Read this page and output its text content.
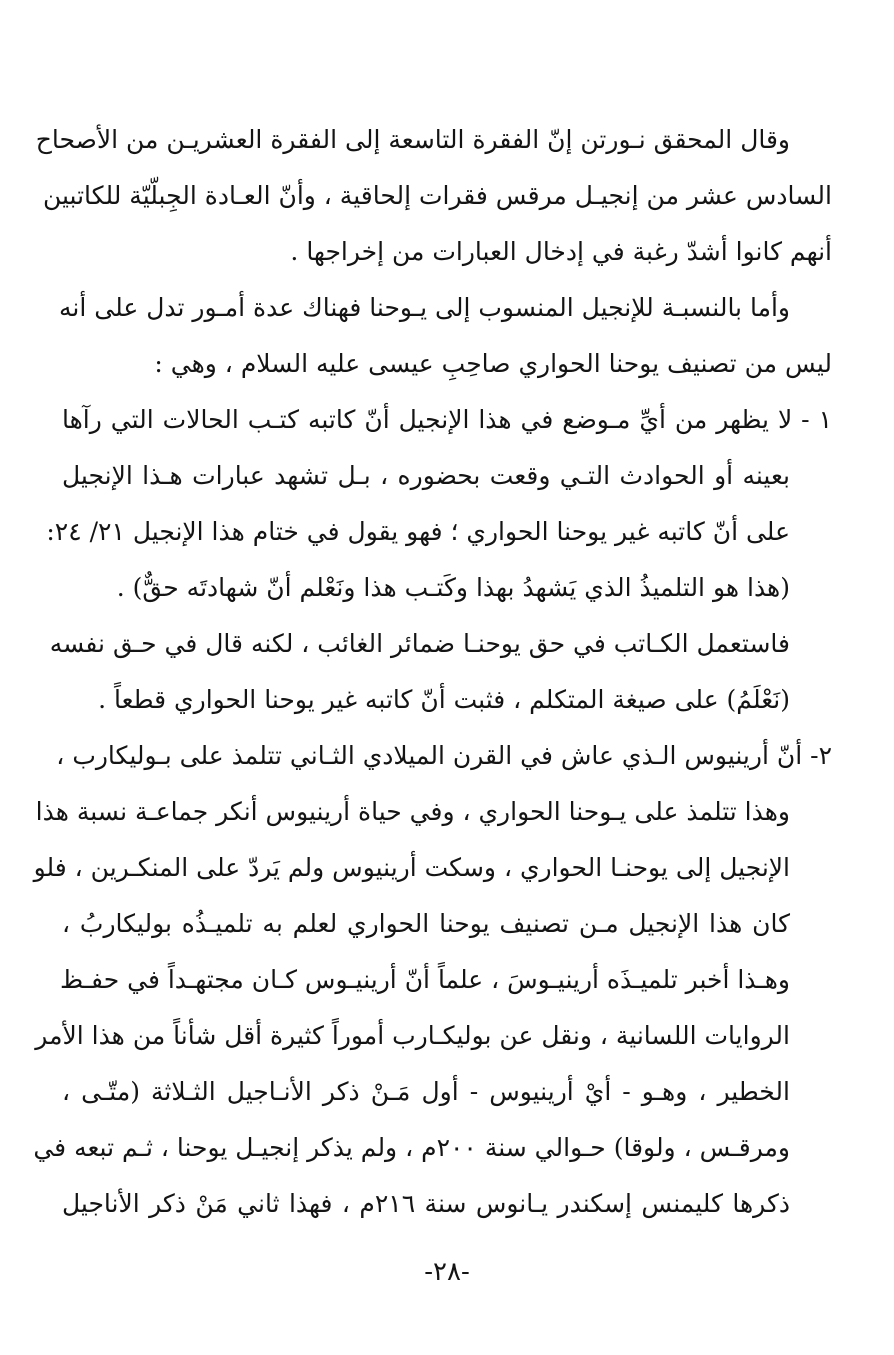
وقال المحقق نـورتن إنّ الفقرة التاسعة إلى الفقرة العشريـن من الأصحاح
السادس عشر من إنجيـل مرقس فقرات إلحاقية ، وأنّ العـادة الجِبلّيّة للكاتبين
أنهم كانوا أشدّ رغبة في إدخال العبارات من إخراجها .
وأما بالنسبـة للإنجيل المنسوب إلى يـوحنا فهناك عدة أمـور تدل على أنه
ليس من تصنيف يوحنا الحواري صاحِبِ عيسى عليه السلام ، وهي :
١ - لا يظهر من أيِّ مـوضع في هذا الإنجيل أنّ كاتبه كتـب الحالات التي رآها
بعينه أو الحوادث التـي وقعت بحضوره ، بـل تشهد عبارات هـذا الإنجيل
على أنّ كاتبه غير يوحنا الحواري ؛ فهو يقول في ختام هذا الإنجيل ٢١/ ٢٤:
(هذا هو التلميذُ الذي يَشهدُ بهذا وكَتـب هذا ونَعْلم أنّ شهادتَه حقٌّ) .
فاستعمل الكـاتب في حق يوحنـا ضمائر الغائب ، لكنه قال في حـق نفسه
(نَعْلَمُ) على صيغة المتكلم ، فثبت أنّ كاتبه غير يوحنا الحواري قطعاً .
٢- أنّ أرينيوس الـذي عاش في القرن الميلادي الثـاني تتلمذ على بـوليكارب ،
وهذا تتلمذ على يـوحنا الحواري ، وفي حياة أرينيوس أنكر جماعـة نسبة هذا
الإنجيل إلى يوحنـا الحواري ، وسكت أرينيوس ولم يَردّ على المنكـرين ، فلو
كان هذا الإنجيل مـن تصنيف يوحنا الحواري لعلم به تلميـذُه بوليكاربُ ،
وهـذا أخبر تلميـذَه أرينيـوسَ ، علماً أنّ أرينيـوس كـان مجتهـداً في حفـظ
الروايات اللسانية ، ونقل عن بوليكـارب أموراً كثيرة أقل شأناً من هذا الأمر
الخطير ، وهـو - أيْ أرينيوس - أول مَـنْ ذكر الأنـاجيل الثـلاثة (متّـى ،
ومرقـس ، ولوقا) حـوالي سنة ٢٠٠م ، ولم يذكر إنجيـل يوحنا ، ثـم تبعه في
ذكرها كليمنس إسكندر يـانوس سنة ٢١٦م ، فهذا ثاني مَنْ ذكر الأناجيل
-٢٨-
